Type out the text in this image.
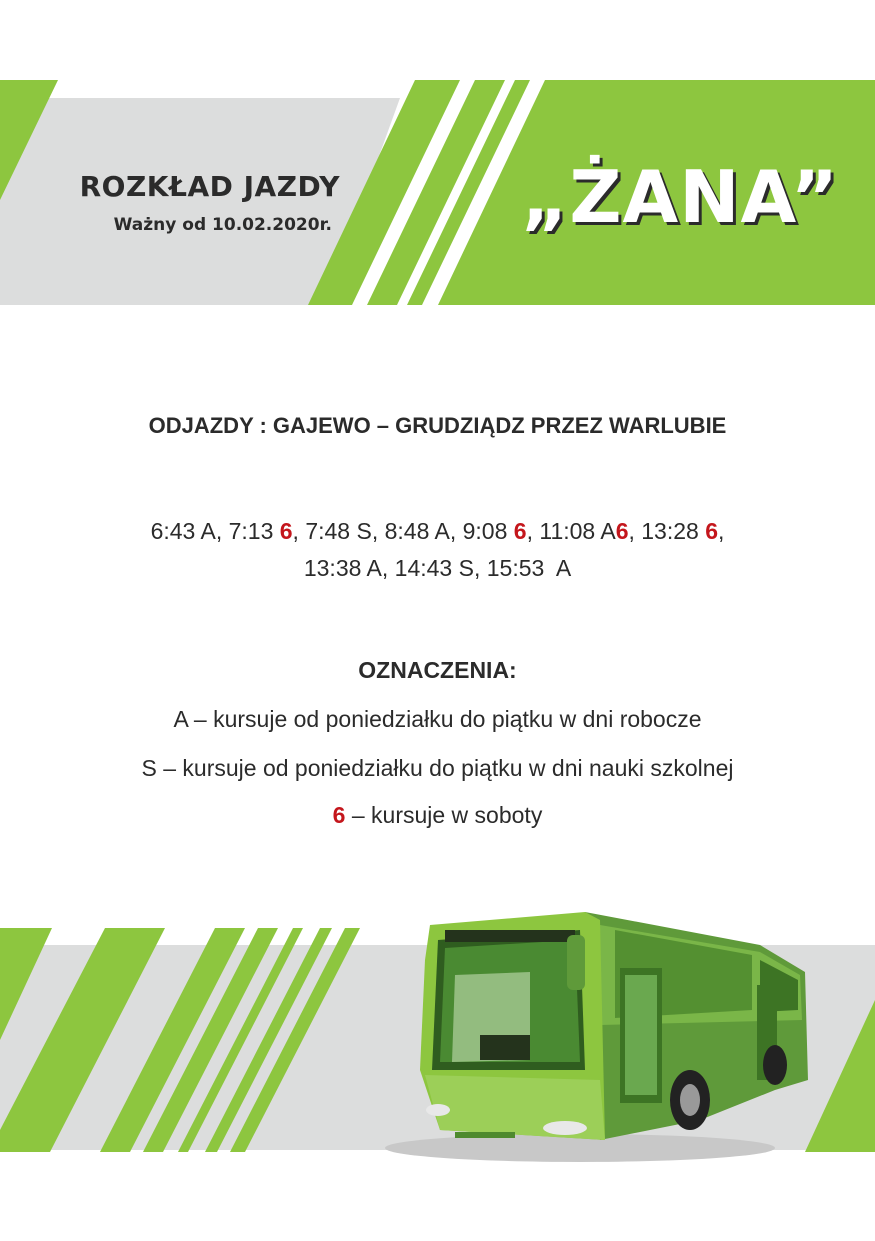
ROZKŁAD JAZDY
Ważny od 10.02.2020r.	„ŻANA”
ODJAZDY : GAJEWO – GRUDZIĄDZ PRZEZ WARLUBIE
6:43 A, 7:13 6, 7:48 S, 8:48 A, 9:08 6, 11:08 A6, 13:28 6,
13:38 A, 14:43 S, 15:53 A
OZNACZENIA:
A – kursuje od poniedziałku do piątku w dni robocze
S – kursuje od poniedziałku do piątku w dni nauki szkolnej
6 – kursuje w soboty
